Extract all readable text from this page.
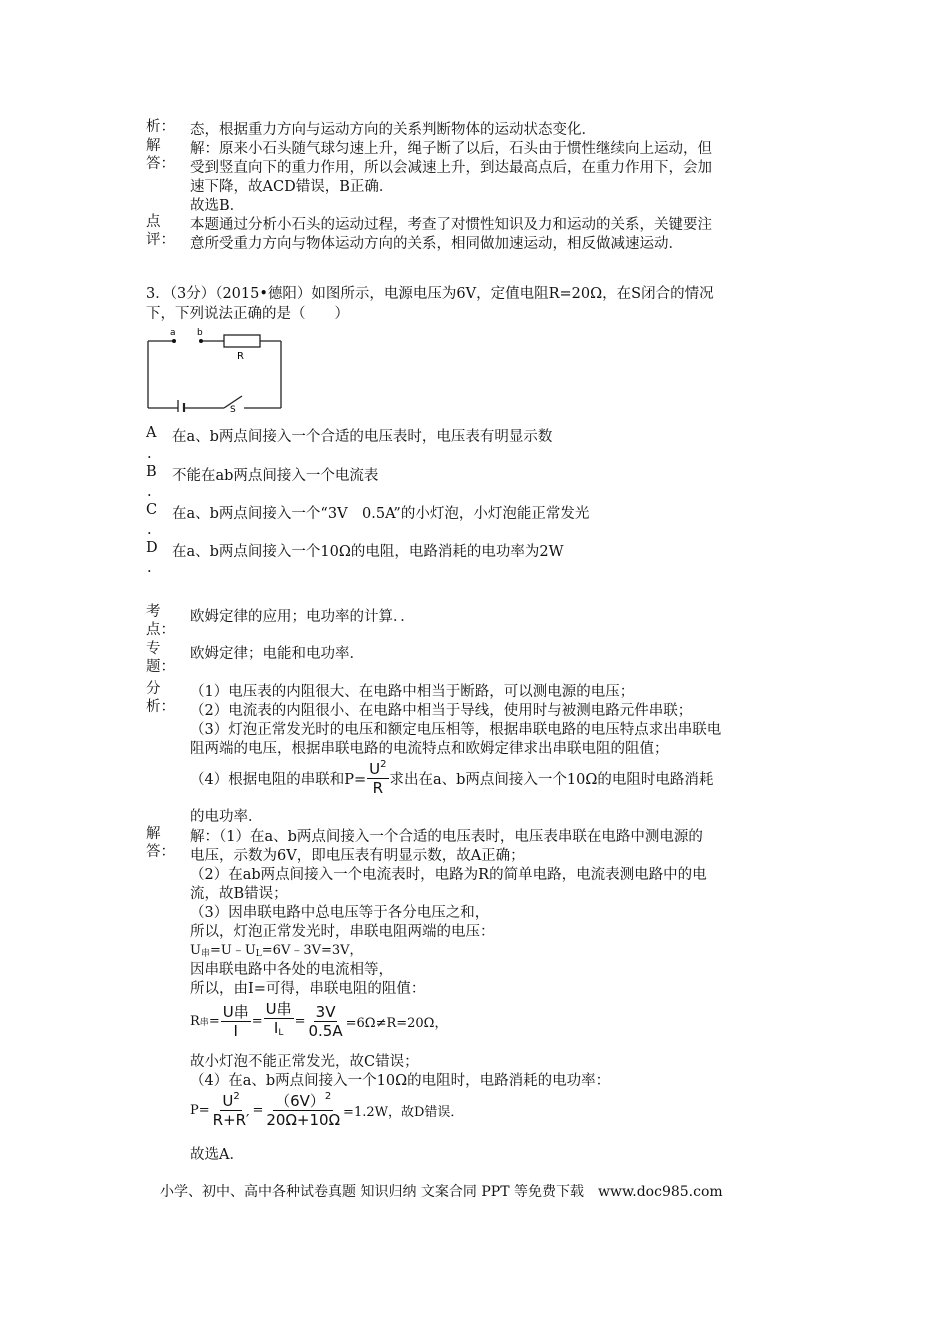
析： 态，根据重力方向与运动方向的关系判断物体的运动状态变化．
解
答：
解：原来小石头随气球匀速上升，绳子断了以后，石头由于惯性继续向上运动，但
受到竖直向下的重力作用，所以会减速上升，到达最高点后，在重力作用下，会加
速下降，故ACD错误，B正确．
故选B．
点
评：
本题通过分析小石头的运动过程，考查了对惯性知识及力和运动的关系，关键要注
意所受重力方向与物体运动方向的关系，相同做加速运动，相反做减速运动．
3．（3分）（2015•德阳）如图所示，电源电压为6V，定值电阻R=20Ω，在S闭合的情况
下，下列说法正确的是（　　）
a b
R
S
A 在a、b两点间接入一个合适的电压表时，电压表有明显示数
.
B 不能在ab两点间接入一个电流表
.
C 在a、b两点间接入一个“3V　0.5A”的小灯泡，小灯泡能正常发光
.
D 在a、b两点间接入一个10Ω的电阻，电路消耗的电功率为2W
.
考
点：
欧姆定律的应用；电功率的计算．．
专
题：
欧姆定律；电能和电功率．
分
析：
（1）电压表的内阻很大、在电路中相当于断路，可以测电源的电压；
（2）电流表的内阻很小、在电路中相当于导线，使用时与被测电路元件串联；
（3）灯泡正常发光时的电压和额定电压相等，根据串联电路的电压特点求出串联电
阻两端的电压，根据串联电路的电流特点和欧姆定律求出串联电阻的阻值；
（4）根据电阻的串联和$P= \frac{U^2}{R}$ 求出在a、b两点间接入一个10Ω的电阻时电路消耗
的电功率．
解
答：
解：（1）在a、b两点间接入一个合适的电压表时，电压表串联在电路中测电源的
电压，示数为6V，即电压表有明显示数，故A正确；
（2）在ab两点间接入一个电流表时，电路为R的简单电路，电流表测电路中的电
流，故B错误；
（3）因串联电路中总电压等于各分电压之和，
所以，灯泡正常发光时，串联电阻两端的电压：
$U_串=U﹣U_L=6V﹣3V=3V$，
因串联电路中各处的电流相等，
所以，由I=可得，串联电阻的阻值：
R 串 = $\frac{\text{U串}}{I} = \frac{\text{U串}}{I_L} = \frac{3V}{0.5A} =6\Omega\ne R=20\Omega$，
故小灯泡不能正常发光，故C错误；
（4）在a、b两点间接入一个10Ω的电阻时，电路消耗的电功率：
$P= \frac{U^2}{R+R'} = \frac{(6V)^2}{20\Omega+10\Omega} =1.2W$，故D错误．
故选A．
小学、初中、高中各种试卷真题 知识归纳 文案合同 PPT 等免费下载　www.doc985.com
